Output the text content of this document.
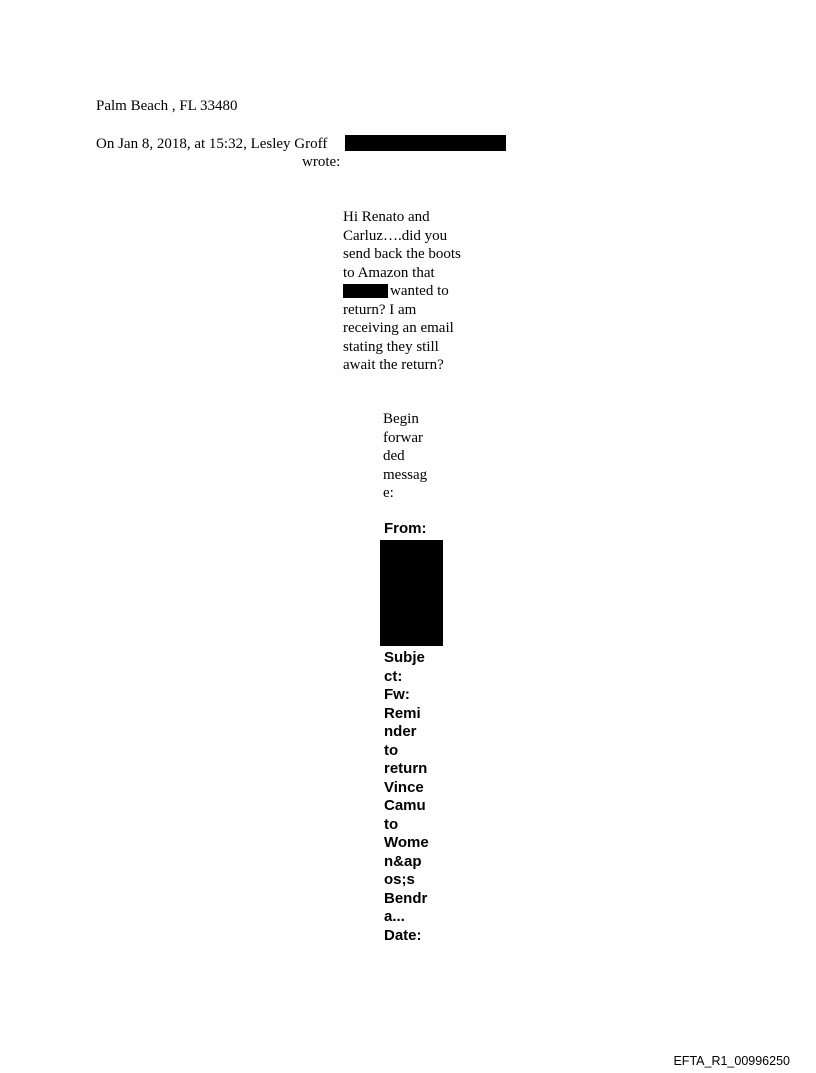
Palm Beach , FL 33480
On Jan 8, 2018, at 15:32, Lesley Groff
wrote:
Hi Renato and
Carluz….did you
send back the boots
to Amazon that
wanted to
return? I am
receiving an email
stating they still
await the return?
Begin
forwar
ded
messag
e:
From:
Subje
ct:
Fw:
Remi
nder
to
return
Vince
Camu
to
Wome
n&ap
os;s
Bendr
a...
Date:
EFTA_R1_00996250
